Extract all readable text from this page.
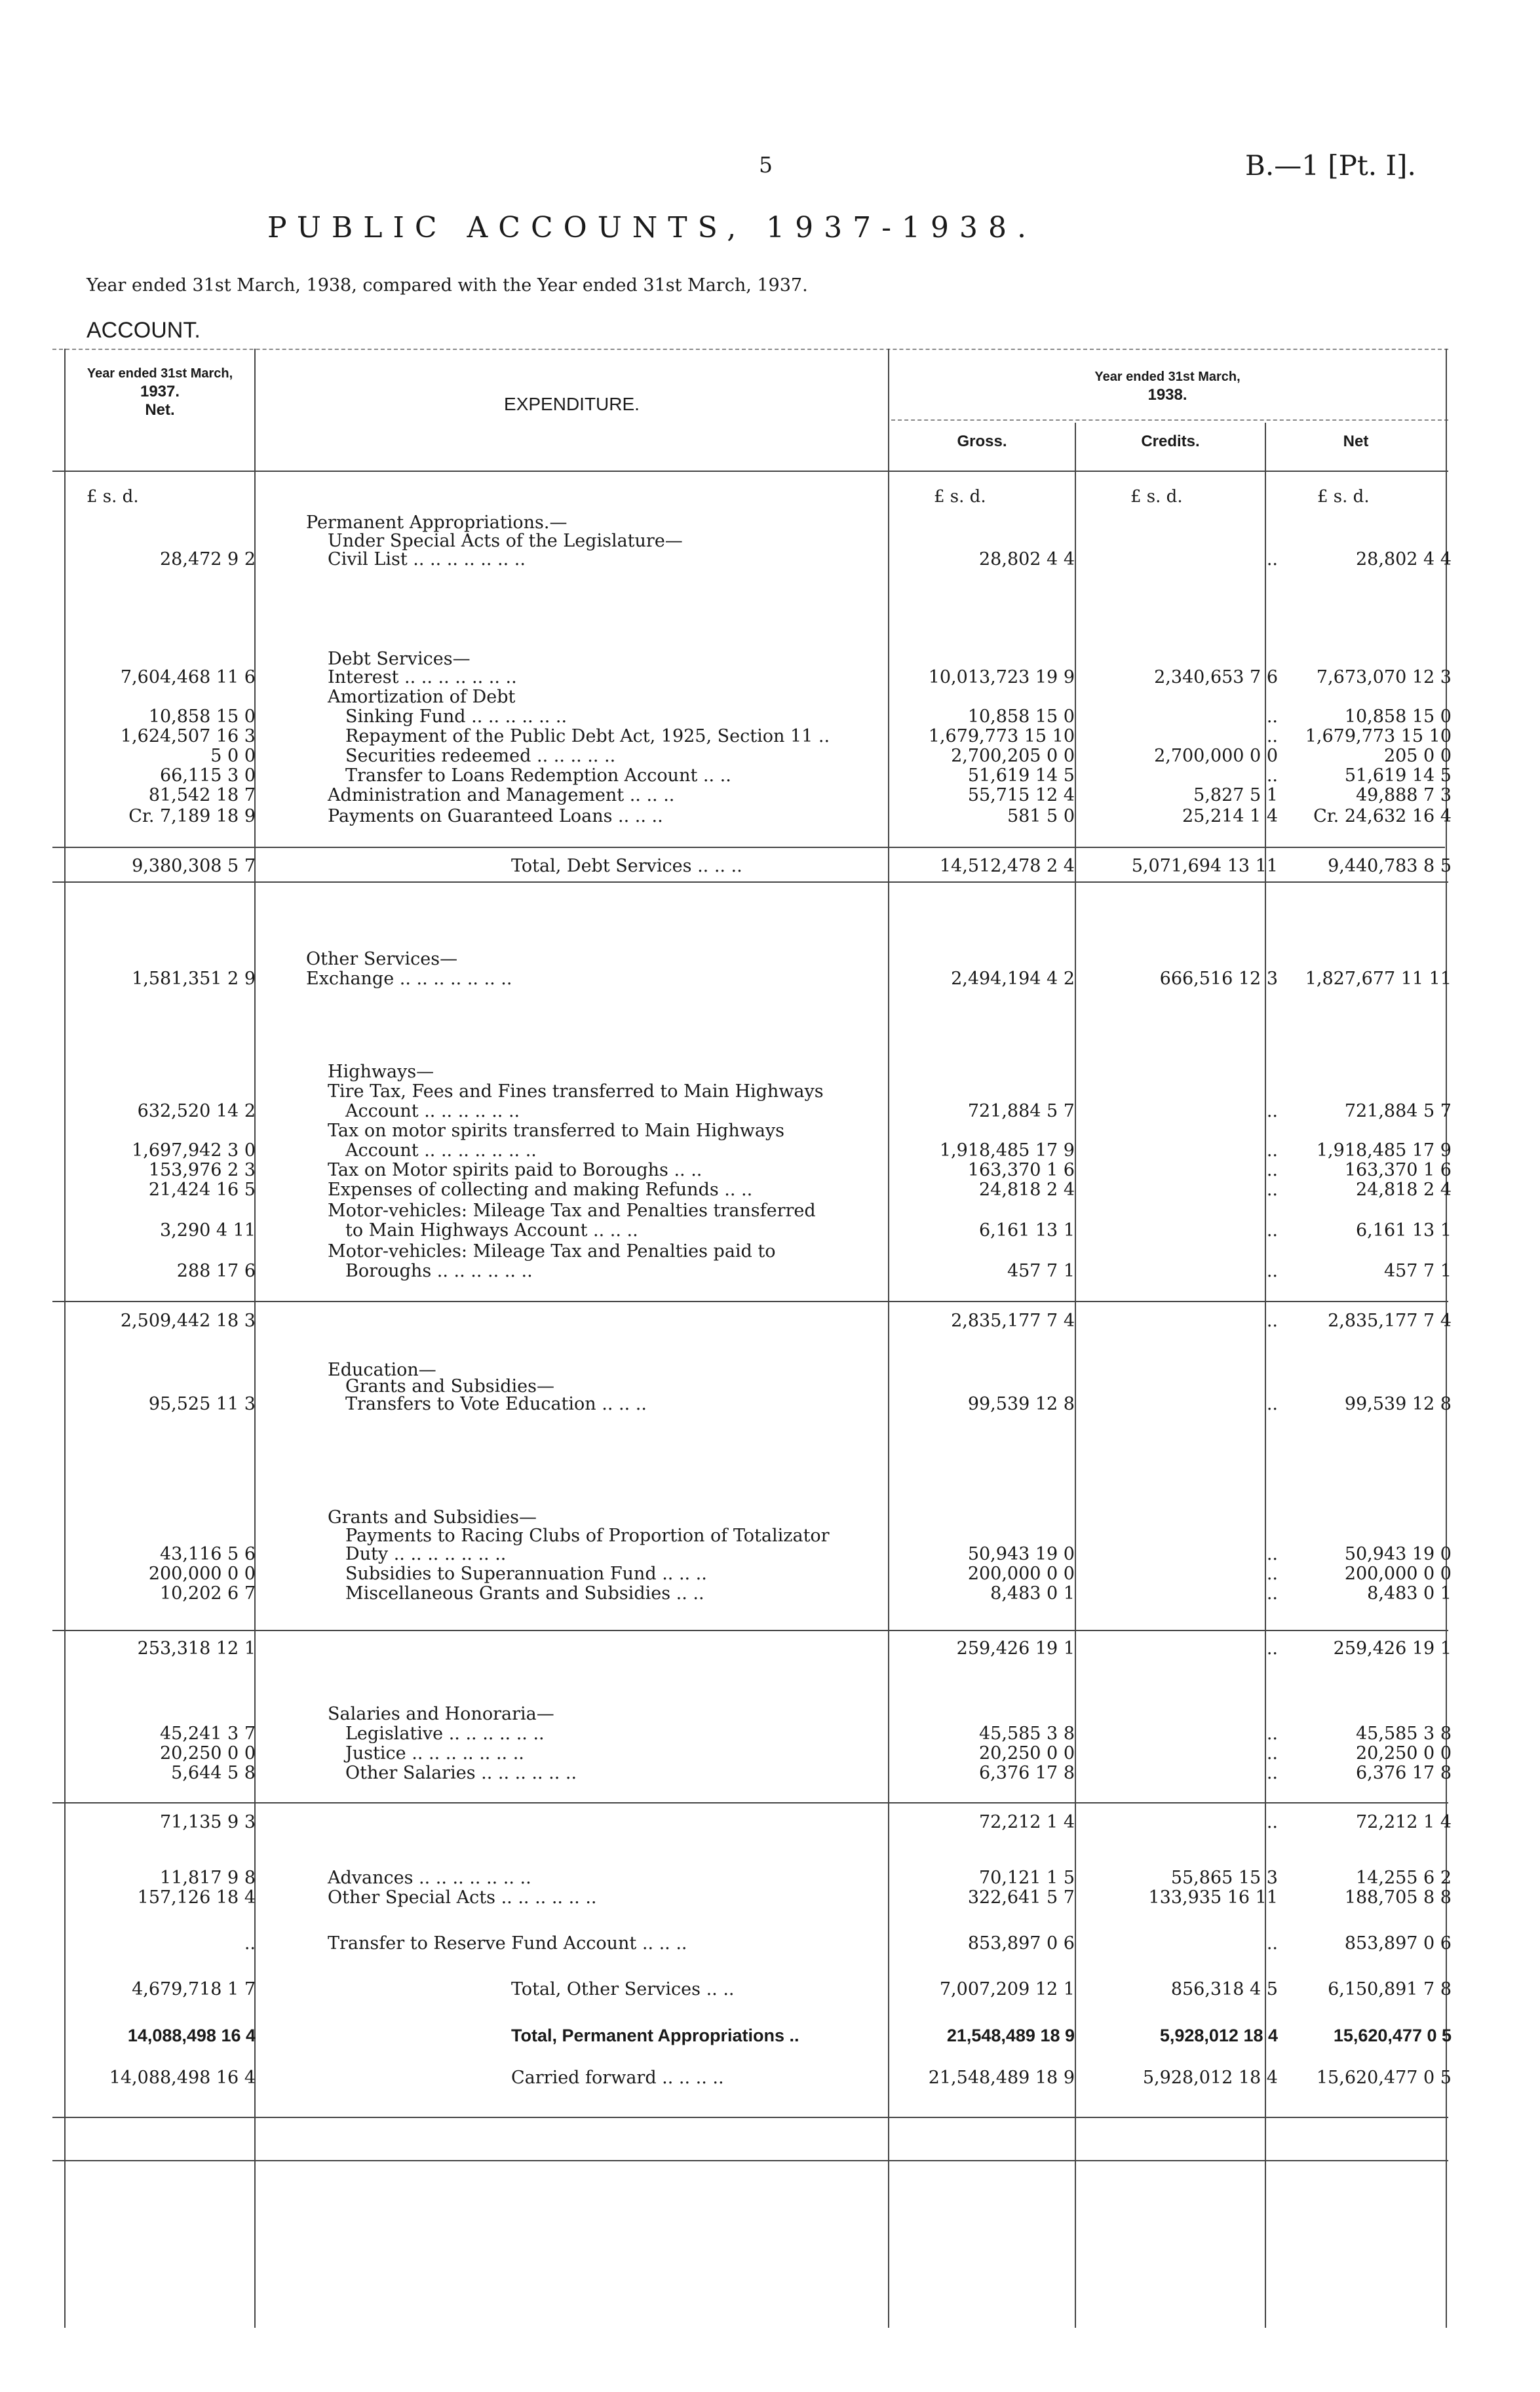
5	B.—1 [Pt. I].
PUBLIC ACCOUNTS, 1937-1938.
Year ended 31st March, 1938, compared with the Year ended 31st March, 1937.
ACCOUNT.
Year ended 31st March,
1937.
Net.	EXPENDITURE.
Year ended 31st March,
1938.
Gross.	Credits.	Net
£ s. d.	£ s. d.	£ s. d.	£ s. d.
Permanent Appropriations.—
Under Special Acts of the Legislature—
Civil List .. .. .. .. .. .. ..
28,472 9 2	28,802 4 4	..	28,802 4 4
Debt Services—
Interest .. .. .. .. .. .. ..
7,604,468 11 6	10,013,723 19 9	2,340,653 7 6	7,673,070 12 3
Amortization of Debt
Sinking Fund .. .. .. .. .. ..
10,858 15 0	10,858 15 0	..	10,858 15 0
Repayment of the Public Debt Act, 1925, Section 11 ..
1,624,507 16 3	1,679,773 15 10	..	1,679,773 15 10
Securities redeemed .. .. .. .. ..
5 0 0	2,700,205 0 0	2,700,000 0 0	205 0 0
Transfer to Loans Redemption Account .. ..
66,115 3 0	51,619 14 5	..	51,619 14 5
Administration and Management .. .. ..
81,542 18 7	55,715 12 4	5,827 5 1	49,888 7 3
Payments on Guaranteed Loans .. .. ..
Cr. 7,189 18 9	581 5 0	25,214 1 4	Cr. 24,632 16 4
Total, Debt Services .. .. ..
9,380,308 5 7	14,512,478 2 4	5,071,694 13 11	9,440,783 8 5
Other Services—
Exchange .. .. .. .. .. .. ..
1,581,351 2 9	2,494,194 4 2	666,516 12 3	1,827,677 11 11
Highways—
Tire Tax, Fees and Fines transferred to Main Highways
Account .. .. .. .. .. ..
632,520 14 2	721,884 5 7	..	721,884 5 7
Tax on motor spirits transferred to Main Highways
Account .. .. .. .. .. .. ..
1,697,942 3 0	1,918,485 17 9	..	1,918,485 17 9
Tax on Motor spirits paid to Boroughs .. ..
153,976 2 3	163,370 1 6	..	163,370 1 6
Expenses of collecting and making Refunds .. ..
21,424 16 5	24,818 2 4	..	24,818 2 4
Motor-vehicles: Mileage Tax and Penalties transferred
to Main Highways Account .. .. ..
3,290 4 11	6,161 13 1	..	6,161 13 1
Motor-vehicles: Mileage Tax and Penalties paid to
Boroughs .. .. .. .. .. ..
288 17 6	457 7 1	..	457 7 1
2,509,442 18 3	2,835,177 7 4	..	2,835,177 7 4
Education—
Grants and Subsidies—
Transfers to Vote Education .. .. ..
95,525 11 3	99,539 12 8	..	99,539 12 8
Grants and Subsidies—
Payments to Racing Clubs of Proportion of Totalizator
Duty .. .. .. .. .. .. ..
43,116 5 6	50,943 19 0	..	50,943 19 0
Subsidies to Superannuation Fund .. .. ..
200,000 0 0	200,000 0 0	..	200,000 0 0
Miscellaneous Grants and Subsidies .. ..
10,202 6 7	8,483 0 1	..	8,483 0 1
253,318 12 1	259,426 19 1	..	259,426 19 1
Salaries and Honoraria—
Legislative .. .. .. .. .. ..
45,241 3 7	45,585 3 8	..	45,585 3 8
Justice .. .. .. .. .. .. ..
20,250 0 0	20,250 0 0	..	20,250 0 0
Other Salaries .. .. .. .. .. ..
5,644 5 8	6,376 17 8	..	6,376 17 8
71,135 9 3	72,212 1 4	..	72,212 1 4
Advances .. .. .. .. .. .. ..
11,817 9 8	70,121 1 5	55,865 15 3	14,255 6 2
Other Special Acts .. .. .. .. .. ..
157,126 18 4	322,641 5 7	133,935 16 11	188,705 8 8
Transfer to Reserve Fund Account .. .. ..
..	853,897 0 6	..	853,897 0 6
Total, Other Services .. ..
4,679,718 1 7	7,007,209 12 1	856,318 4 5	6,150,891 7 8
Total, Permanent Appropriations ..
14,088,498 16 4	21,548,489 18 9	5,928,012 18 4	15,620,477 0 5
Carried forward .. .. .. ..
14,088,498 16 4	21,548,489 18 9	5,928,012 18 4	15,620,477 0 5
